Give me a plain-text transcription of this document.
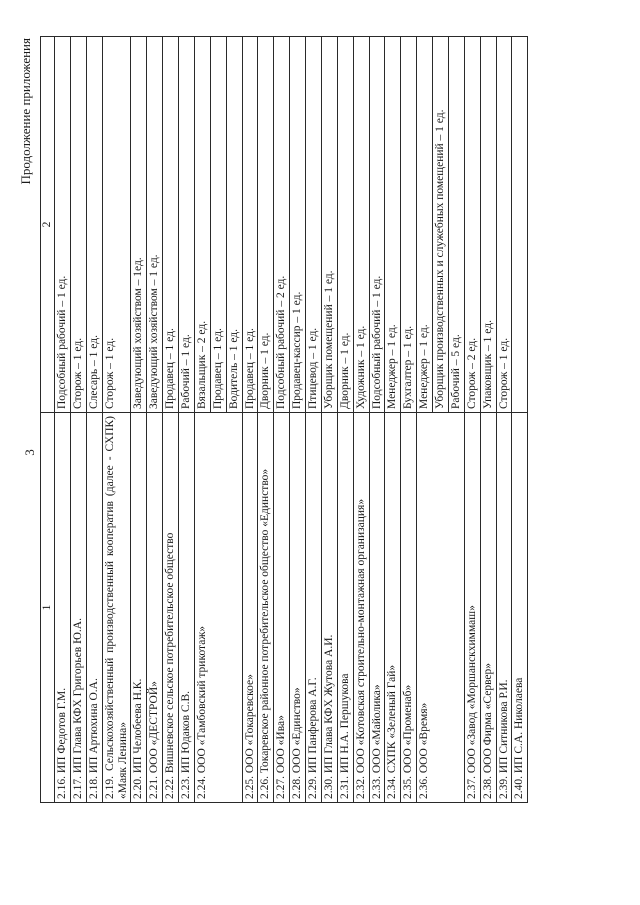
3
Продолжение приложения
1	2
2.16. ИП Федотов Г.М.	Подсобный рабочий – 1 ед.
2.17. ИП Глава КФХ Григорьев Ю.А.	Сторож – 1 ед.
2.18. ИП Артюхина О.А.	Слесарь – 1 ед.
2.19. Сельскохозяйственный производственный кооператив (далее - СХПК) «Маяк Ленина»	Сторож – 1 ед.
2.20. ИП Челобеева Н.К.	Заведующий хозяйством – 1ед.
2.21. ООО «ДЕСТРОЙ»	Заведующий хозяйством – 1 ед.
2.22. Вишневское сельское потребительское общество	Продавец – 1 ед.
2.23. ИП Юдаков С.В.	Рабочий – 1 ед.
2.24. ООО «Тамбовский трикотаж»	Вязальщик – 2 ед.
	Продавец – 1 ед.
	Водитель – 1 ед.
2.25. ООО «Токаревское»	Продавец – 1 ед.
2.26. Токаревское районное потребительское общество «Единство»	Дворник – 1 ед.
2.27. ООО «Ива»	Подсобный рабочий – 2 ед.
2.28. ООО «Единство»	Продавец-кассир – 1 ед.
2.29. ИП Панферова А.Г.	Птицевод – 1 ед.
2.30. ИП Глава КФХ Жутова А.И.	Уборщик помещений – 1 ед.
2.31. ИП Н.А. Першукова	Дворник – 1 ед.
2.32. ООО «Котовская строительно-монтажная организация»	Художник – 1 ед.
2.33. ООО «Майолика»	Подсобный рабочий – 1 ед.
2.34. СХПК «Зеленый Гай»	Менеджер – 1 ед.
2.35. ООО «Променаб»	Бухгалтер – 1 ед.
2.36. ООО «Время»	Менеджер – 1 ед.
	Уборщик производственных и служебных помещений – 1 ед.
	Рабочий – 5 ед.
2.37. ООО «Завод «Моршанскхиммаш»	Сторож – 2 ед.
2.38. ООО Фирма «Сервер»	Упаковщик – 1 ед.
2.39. ИП Ситникова Р.И.	Сторож – 1 ед.
2.40. ИП С.А. Николаева	
